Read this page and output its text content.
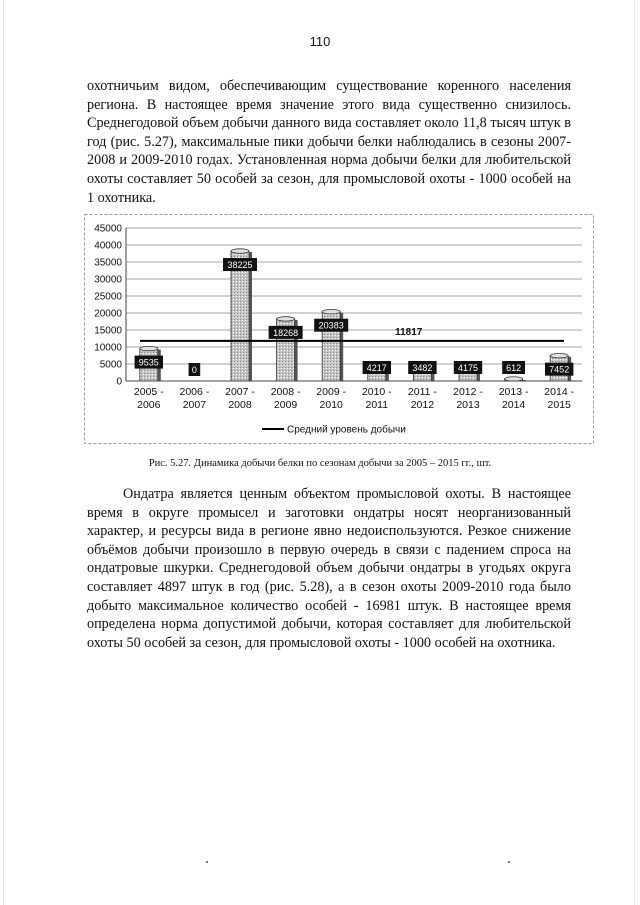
110

охотничьим видом, обеспечивающим существование коренного населения региона. В настоящее время значение этого вида существенно снизилось. Среднегодовой объем добычи данного вида составляет около 11,8 тысяч штук в год (рис. 5.27), максимальные пики добычи белки наблюдались в сезоны 2007-2008 и 2009-2010 годах. Установленная норма добычи белки для любительской охоты составляет 50 особей за сезон, для промысловой охоты - 1000 особей на 1 охотника.

11817
9535
0
38225
18268
20383
4217	3482	4175	612	7452
0
5000
10000
15000
20000
25000
30000
35000
40000
45000
2005 -
2006
2006 -
2007
2007 -
2008
2008 -
2009
2009 -
2010
2010 -
2011
2011 -
2012
2012 -
2013
2013 -
2014
2014 -
2015
Средний уровень добычи
Рис. 5.27. Динамика добычи белки по сезонам добычи за 2005 – 2015 гг., шт.

Ондатра является ценным объектом промысловой охоты. В настоящее время в округе промысел и заготовки ондатры носят неорганизованный характер, и ресурсы вида в регионе явно недоиспользуются. Резкое снижение объёмов добычи произошло в первую очередь в связи с падением спроса на ондатровые шкурки. Среднегодовой объем добычи ондатры в угодьях округа составляет 4897 штук в год (рис. 5.28), а в сезон охоты 2009-2010 года было добыто максимальное количество особей - 16981 штук. В настоящее время определена норма допустимой добычи, которая составляет для любительской охоты 50 особей за сезон, для промысловой охоты - 1000 особей на охотника.
